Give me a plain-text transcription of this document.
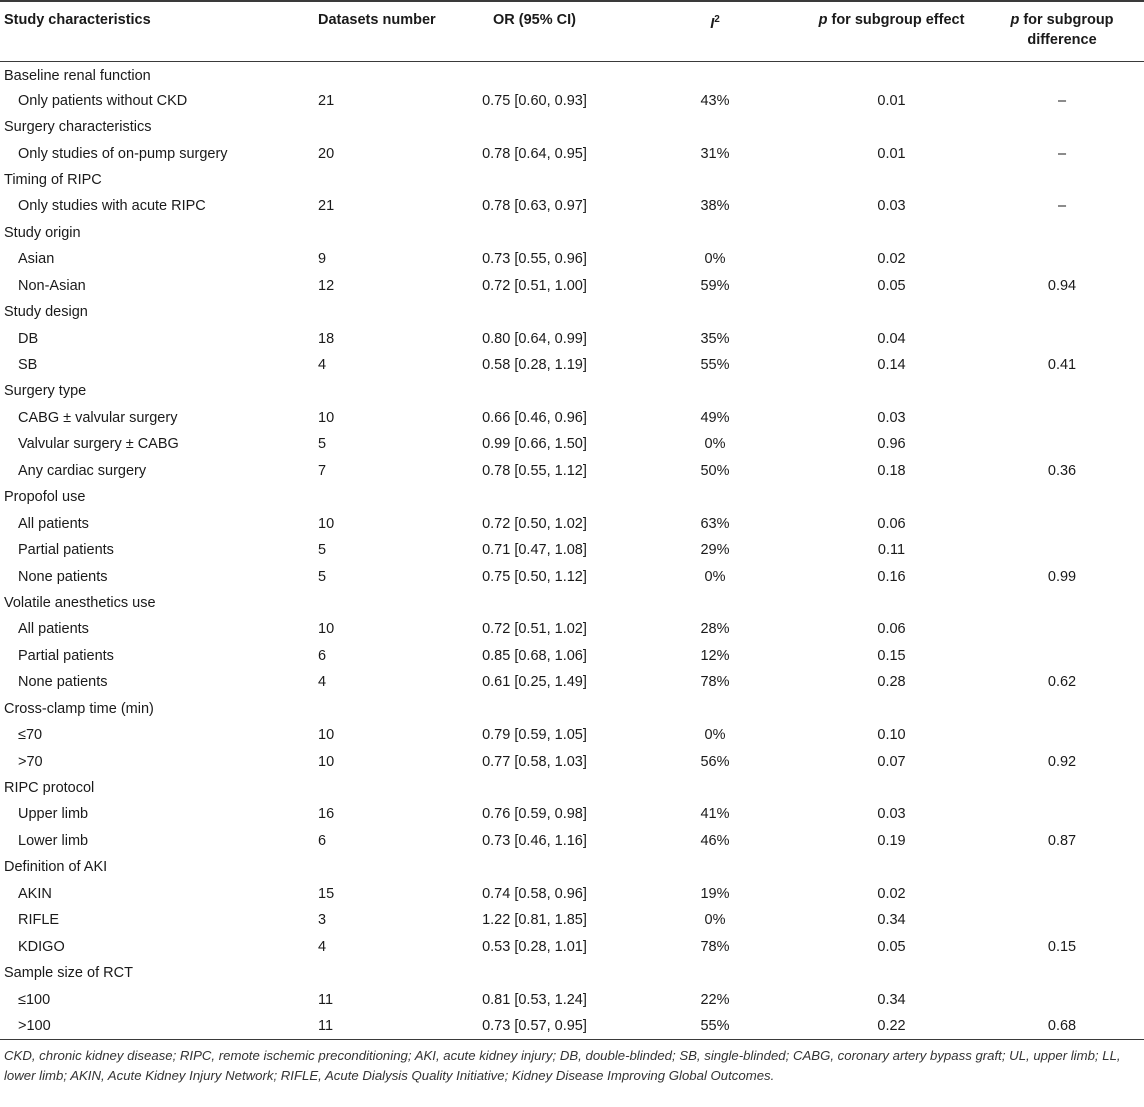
Study characteristics	Datasets number	OR (95% CI)	$I^2$	p for subgroup effect	p for subgroup difference
Baseline renal function					
Only patients without CKD	21	0.75 [0.60, 0.93]	43%	0.01	–
Surgery characteristics					
Only studies of on-pump surgery	20	0.78 [0.64, 0.95]	31%	0.01	–
Timing of RIPC					
Only studies with acute RIPC	21	0.78 [0.63, 0.97]	38%	0.03	–
Study origin					
Asian	9	0.73 [0.55, 0.96]	0%	0.02	
Non-Asian	12	0.72 [0.51, 1.00]	59%	0.05	0.94
Study design					
DB	18	0.80 [0.64, 0.99]	35%	0.04	
SB	4	0.58 [0.28, 1.19]	55%	0.14	0.41
Surgery type					
CABG ± valvular surgery	10	0.66 [0.46, 0.96]	49%	0.03	
Valvular surgery ± CABG	5	0.99 [0.66, 1.50]	0%	0.96	
Any cardiac surgery	7	0.78 [0.55, 1.12]	50%	0.18	0.36
Propofol use					
All patients	10	0.72 [0.50, 1.02]	63%	0.06	
Partial patients	5	0.71 [0.47, 1.08]	29%	0.11	
None patients	5	0.75 [0.50, 1.12]	0%	0.16	0.99
Volatile anesthetics use					
All patients	10	0.72 [0.51, 1.02]	28%	0.06	
Partial patients	6	0.85 [0.68, 1.06]	12%	0.15	
None patients	4	0.61 [0.25, 1.49]	78%	0.28	0.62
Cross-clamp time (min)					
≤70	10	0.79 [0.59, 1.05]	0%	0.10	
>70	10	0.77 [0.58, 1.03]	56%	0.07	0.92
RIPC protocol					
Upper limb	16	0.76 [0.59, 0.98]	41%	0.03	
Lower limb	6	0.73 [0.46, 1.16]	46%	0.19	0.87
Definition of AKI					
AKIN	15	0.74 [0.58, 0.96]	19%	0.02	
RIFLE	3	1.22 [0.81, 1.85]	0%	0.34	
KDIGO	4	0.53 [0.28, 1.01]	78%	0.05	0.15
Sample size of RCT					
≤100	11	0.81 [0.53, 1.24]	22%	0.34	
>100	11	0.73 [0.57, 0.95]	55%	0.22	0.68
CKD, chronic kidney disease; RIPC, remote ischemic preconditioning; AKI, acute kidney injury; DB, double-blinded; SB, single-blinded; CABG, coronary artery bypass graft; UL, upper limb; LL, lower limb; AKIN, Acute Kidney Injury Network; RIFLE, Acute Dialysis Quality Initiative; Kidney Disease Improving Global Outcomes.
